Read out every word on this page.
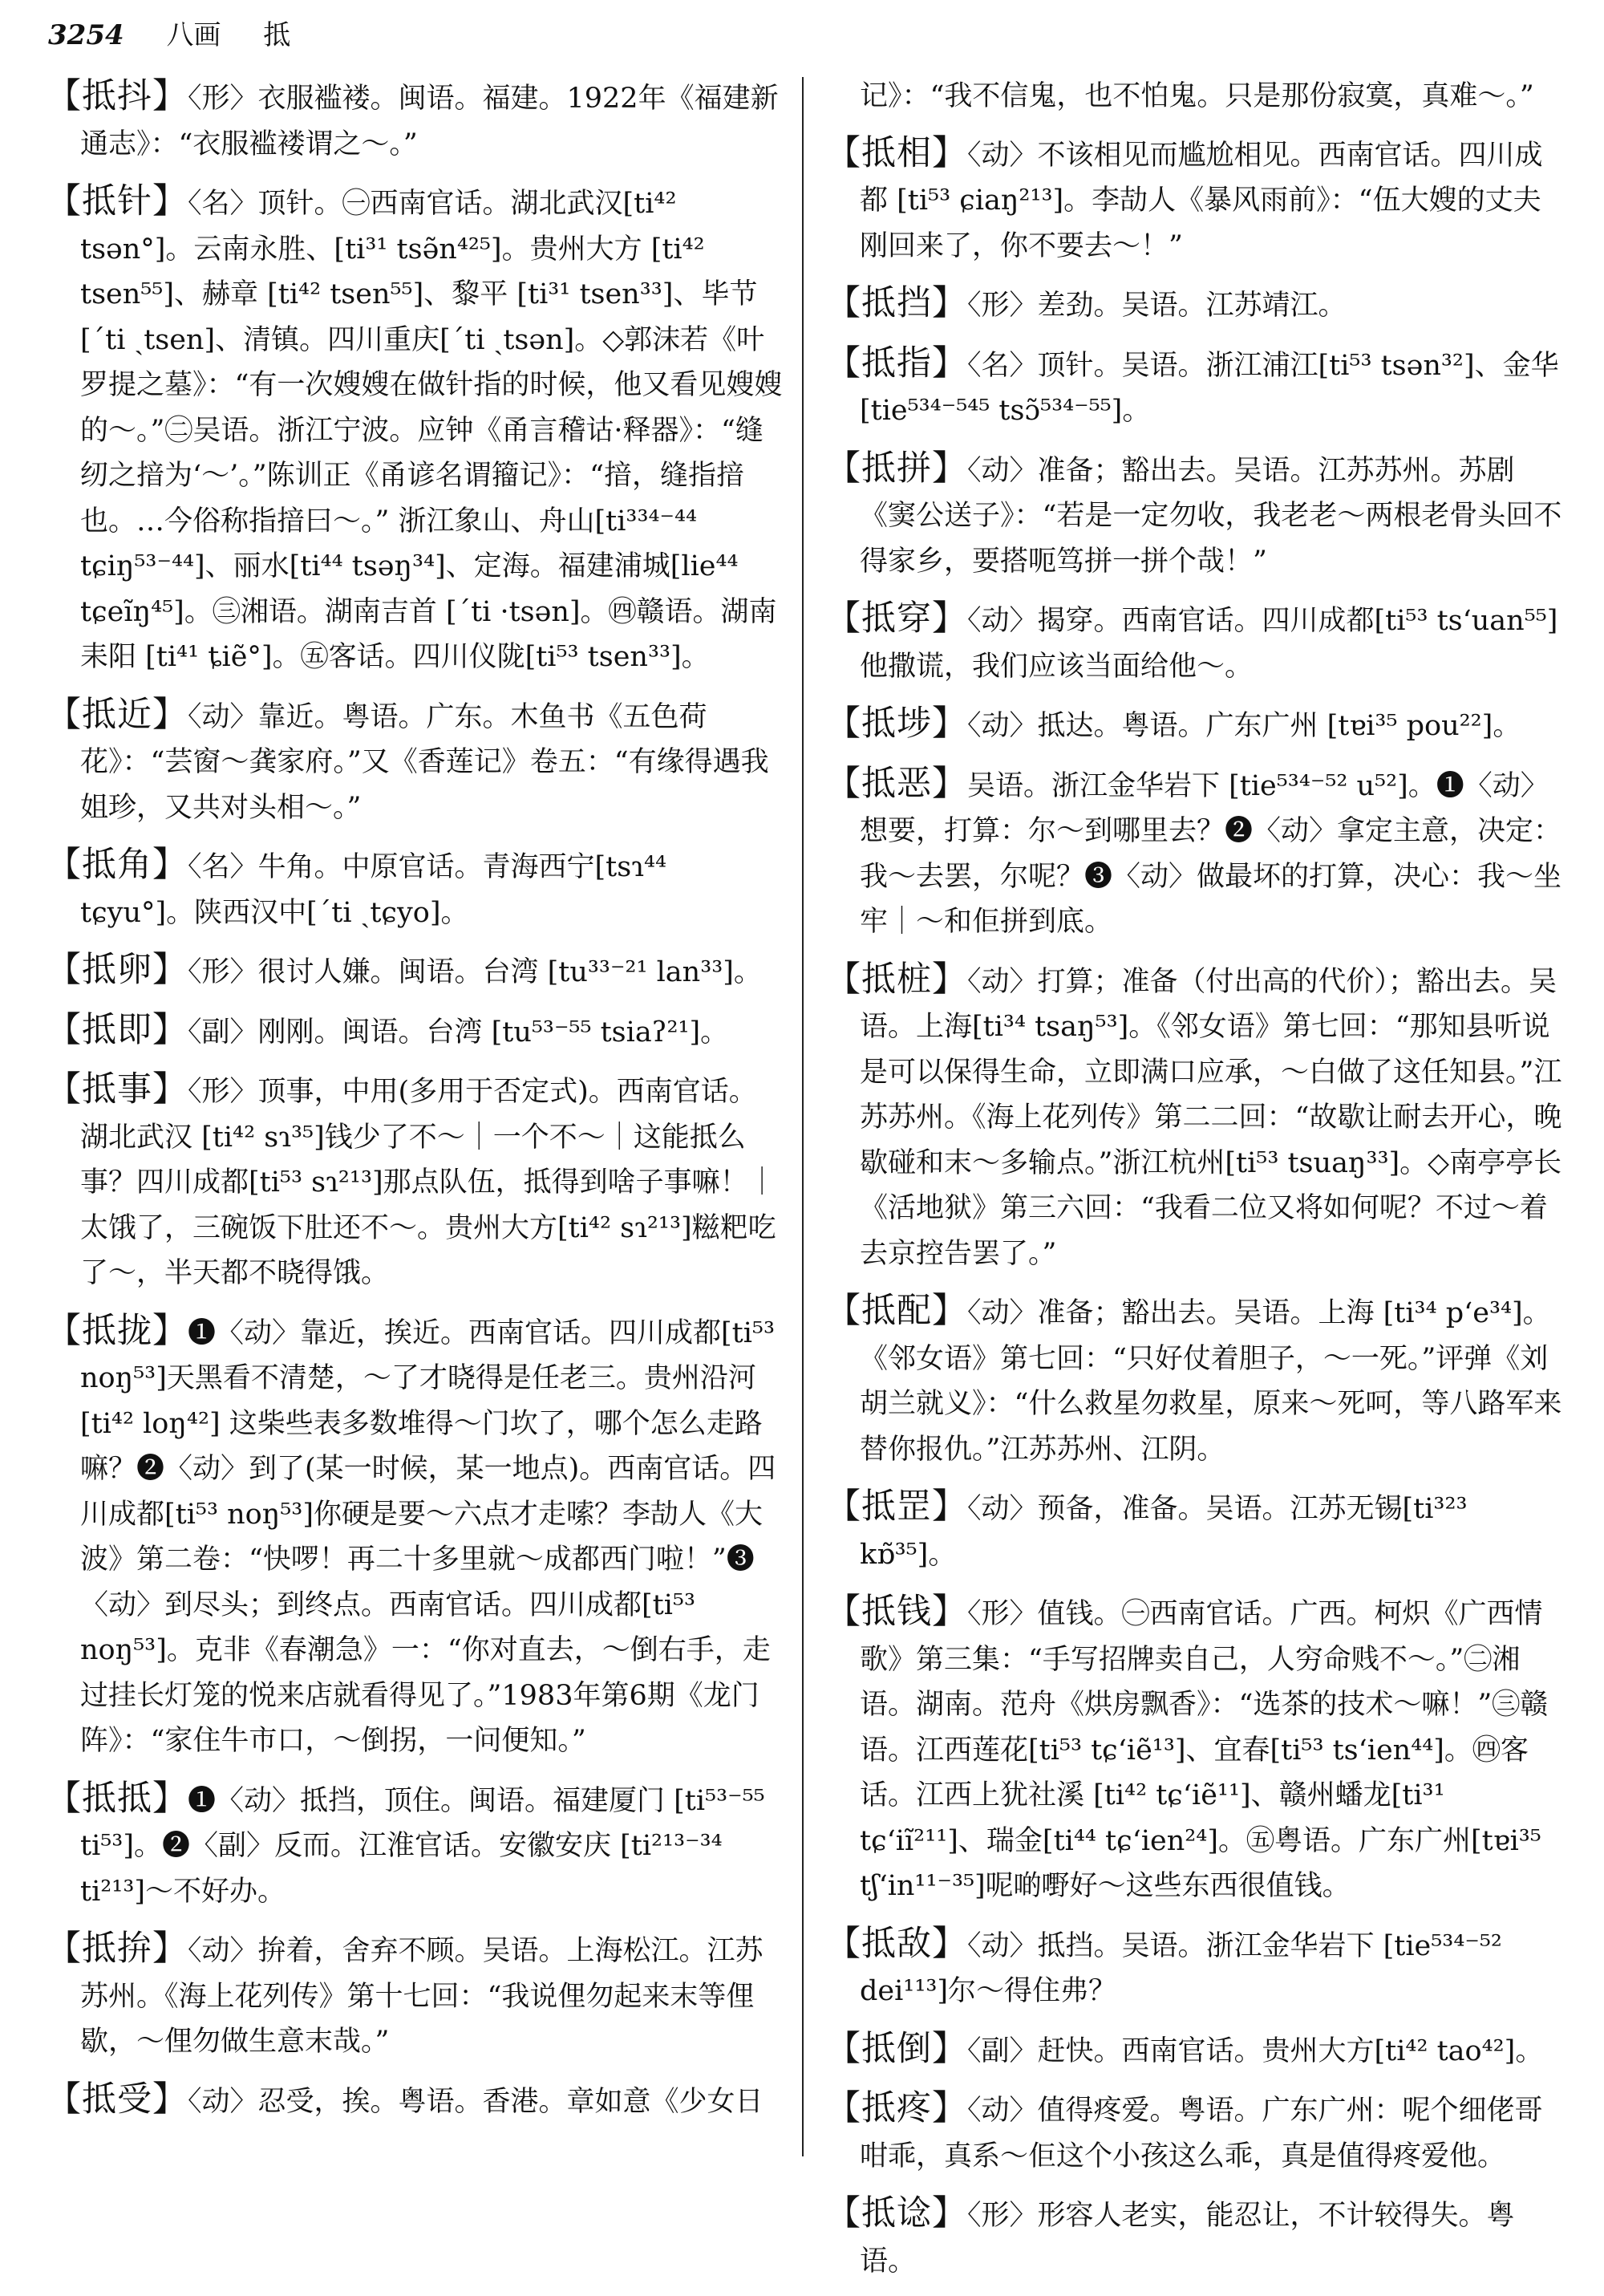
3254 八画 抵
【抵抖】〈形〉衣服褴褛。闽语。福建。1922年《福建新通志》：“衣服褴褛谓之～。”
【抵针】〈名〉顶针。㊀西南官话。湖北武汉[ti⁴² tsən°]。云南永胜、[ti³¹ tsə̃n⁴²⁵]。贵州大方 [ti⁴² tsen⁵⁵]、赫章 [ti⁴² tsen⁵⁵]、黎平 [ti³¹ tsen³³]、毕节 [ˊti ˏtsen]、清镇。四川重庆[ˊti ˏtsən]。◇郭沫若《叶罗提之墓》：“有一次嫂嫂在做针指的时候，他又看见嫂嫂的～。”㊁吴语。浙江宁波。应钟《甬言稽诂·释器》：“缝纫之揞为‘～’。”陈训正《甬谚名谓籀记》：“揞，缝指揞也。…今俗称指揞曰～。” 浙江象山、舟山[ti³³⁴⁻⁴⁴ tɕiŋ⁵³⁻⁴⁴]、丽水[ti⁴⁴ tsəŋ³⁴]、定海。福建浦城[lie⁴⁴ tɕeĩŋ⁴⁵]。㊂湘语。湖南吉首 [ˊti ·tsən]。㊃赣语。湖南耒阳 [ti⁴¹ ȶiẽ°]。㊄客话。四川仪陇[ti⁵³ tsen³³]。
【抵近】〈动〉靠近。粤语。广东。木鱼书《五色荷花》：“芸窗～龚家府。”又《香莲记》卷五：“有缘得遇我姐珍，又共对头相～。”
【抵角】〈名〉牛角。中原官话。青海西宁[tsɿ⁴⁴ tɕyu°]。陕西汉中[ˊti ˏtɕyo]。
【抵卵】〈形〉很讨人嫌。闽语。台湾 [tu³³⁻²¹ lan³³]。
【抵即】〈副〉刚刚。闽语。台湾 [tu⁵³⁻⁵⁵ tsiaʔ²¹]。
【抵事】〈形〉顶事，中用(多用于否定式)。西南官话。湖北武汉 [ti⁴² sɿ³⁵]钱少了不～｜一个不～｜这能抵么事？四川成都[ti⁵³ sɿ²¹³]那点队伍，抵得到啥子事嘛！｜太饿了，三碗饭下肚还不～。贵州大方[ti⁴² sɿ²¹³]糍粑吃了～，半天都不晓得饿。
【抵拢】❶〈动〉靠近，挨近。西南官话。四川成都[ti⁵³ noŋ⁵³]天黑看不清楚，～了才晓得是任老三。贵州沿河[ti⁴² loŋ⁴²] 这柴些表多数堆得～门坎了，哪个怎么走路嘛？❷〈动〉到了(某一时候，某一地点)。西南官话。四川成都[ti⁵³ noŋ⁵³]你硬是要～六点才走嗦？李劼人《大波》第二卷：“快啰！再二十多里就～成都西门啦！”❸〈动〉到尽头；到终点。西南官话。四川成都[ti⁵³ noŋ⁵³]。克非《春潮急》一：“你对直去，～倒右手，走过挂长灯笼的悦来店就看得见了。”1983年第6期《龙门阵》：“家住牛市口，～倒拐，一问便知。”
【抵抵】❶〈动〉抵挡，顶住。闽语。福建厦门 [ti⁵³⁻⁵⁵ ti⁵³]。❷〈副〉反而。江淮官话。安徽安庆 [ti²¹³⁻³⁴ ti²¹³]～不好办。
【抵拚】〈动〉拚着，舍弃不顾。吴语。上海松江。江苏苏州。《海上花列传》第十七回：“我说俚勿起来末等俚歇，～俚勿做生意末哉。”
【抵受】〈动〉忍受，挨。粤语。香港。章如意《少女日
记》：“我不信鬼，也不怕鬼。只是那份寂寞，真难～。”
【抵相】〈动〉不该相见而尴尬相见。西南官话。四川成都 [ti⁵³ ɕiaŋ²¹³]。李劼人《暴风雨前》：“伍大嫂的丈夫刚回来了，你不要去～！”
【抵挡】〈形〉差劲。吴语。江苏靖江。
【抵指】〈名〉顶针。吴语。浙江浦江[ti⁵³ tsən³²]、金华[tie⁵³⁴⁻⁵⁴⁵ tsɔ̃⁵³⁴⁻⁵⁵]。
【抵拼】〈动〉准备；豁出去。吴语。江苏苏州。苏剧《窦公送子》：“若是一定勿收，我老老～两根老骨头回不得家乡，要搭呃笃拼一拼个哉！”
【抵穿】〈动〉揭穿。西南官话。四川成都[ti⁵³ tsʻuan⁵⁵]他撒谎，我们应该当面给他～。
【抵埗】〈动〉抵达。粤语。广东广州 [tɐi³⁵ pou²²]。
【抵恶】吴语。浙江金华岩下 [tie⁵³⁴⁻⁵² u⁵²]。❶〈动〉想要，打算：尔～到哪里去？❷〈动〉拿定主意，决定：我～去罢，尔呢？❸〈动〉做最坏的打算，决心：我～坐牢｜～和佢拼到底。
【抵桩】〈动〉打算；准备（付出高的代价）；豁出去。吴语。上海[ti³⁴ tsaŋ⁵³]。《邻女语》第七回：“那知县听说是可以保得生命，立即满口应承，～白做了这任知县。”江苏苏州。《海上花列传》第二二回：“故歇让耐去开心，晚歇碰和末～多输点。”浙江杭州[ti⁵³ tsuaŋ³³]。◇南亭亭长《活地狱》第三六回：“我看二位又将如何呢？不过～着去京控告罢了。”
【抵配】〈动〉准备；豁出去。吴语。上海 [ti³⁴ pʻe³⁴]。《邻女语》第七回：“只好仗着胆子，～一死。”评弹《刘胡兰就义》：“什么救星勿救星，原来～死呵，等八路军来替你报仇。”江苏苏州、江阴。
【抵罡】〈动〉预备，准备。吴语。江苏无锡[ti³²³ kɒ̃³⁵]。
【抵钱】〈形〉值钱。㊀西南官话。广西。柯炽《广西情歌》第三集：“手写招牌卖自己，人穷命贱不～。”㊁湘语。湖南。范舟《烘房飘香》：“选茶的技术～嘛！”㊂赣语。江西莲花[ti⁵³ tɕʻiẽ¹³]、宜春[ti⁵³ tsʻien⁴⁴]。㊃客话。江西上犹社溪 [ti⁴² tɕʻiẽ¹¹]、赣州蟠龙[ti³¹ tɕʻiĩ²¹¹]、瑞金[ti⁴⁴ tɕʻien²⁴]。㊄粤语。广东广州[tɐi³⁵ tʃʻin¹¹⁻³⁵]呢啲嘢好～这些东西很值钱。
【抵敌】〈动〉抵挡。吴语。浙江金华岩下 [tie⁵³⁴⁻⁵² dei¹¹³]尔～得住弗？
【抵倒】〈副〉赶快。西南官话。贵州大方[ti⁴² tao⁴²]。
【抵疼】〈动〉值得疼爱。粤语。广东广州：呢个细佬哥咁乖，真系～佢这个小孩这么乖，真是值得疼爱他。
【抵谂】〈形〉形容人老实，能忍让，不计较得失。粤语。
